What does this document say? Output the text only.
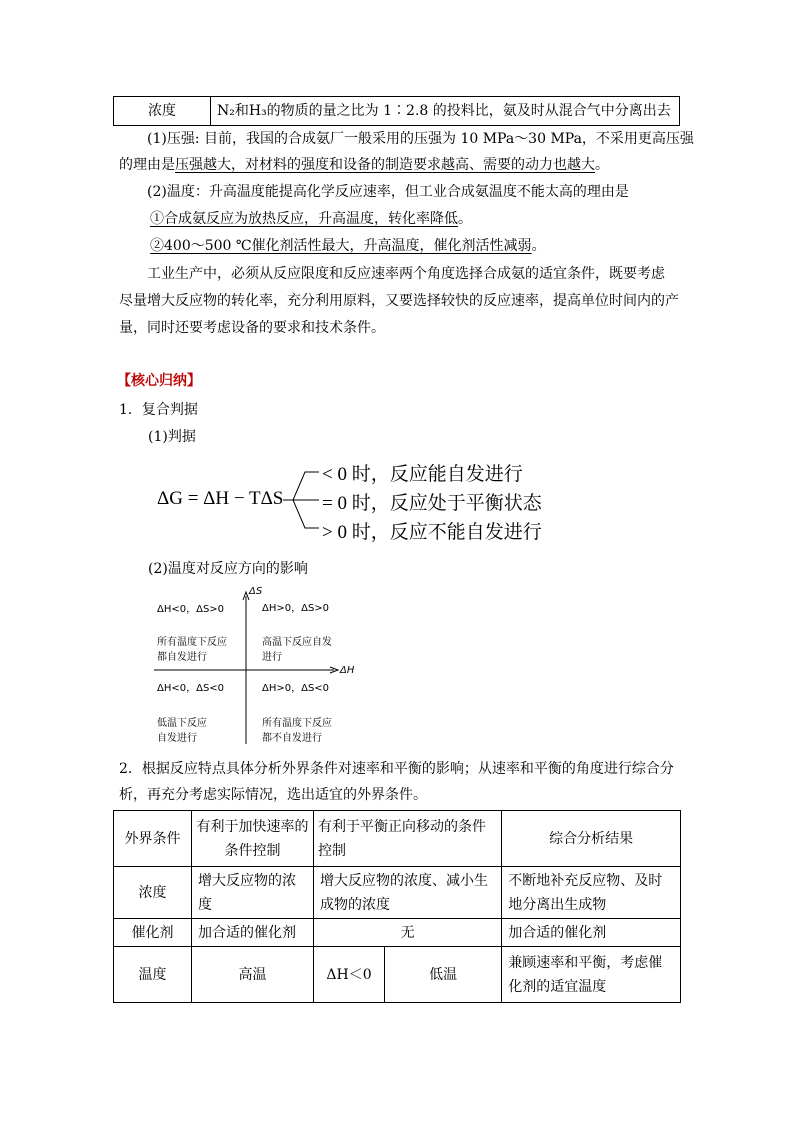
浓度	N₂和H₃的物质的量之比为 1∶2.8 的投料比，氨及时从混合气中分离出去
(1)压强: 目前，我国的合成氨厂一般采用的压强为 10 MPa～30 MPa，不采用更高压强
的理由是压强越大，对材料的强度和设备的制造要求越高、需要的动力也越大。
(2)温度：升高温度能提高化学反应速率，但工业合成氨温度不能太高的理由是
①合成氨反应为放热反应，升高温度，转化率降低。
②400～500 ℃催化剂活性最大，升高温度，催化剂活性减弱。
工业生产中，必须从反应限度和反应速率两个角度选择合成氨的适宜条件，既要考虑
尽量增大反应物的转化率，充分利用原料，又要选择较快的反应速率，提高单位时间内的产
量，同时还要考虑设备的要求和技术条件。
【核心归纳】
1．复合判据
(1)判据
ΔG = ΔH − TΔS
< 0 时，反应能自发进行
= 0 时，反应处于平衡状态
> 0 时，反应不能自发进行
(2)温度对反应方向的影响
ΔS
ΔH
ΔH<0，ΔS>0
所有温度下反应
都自发进行
ΔH>0，ΔS>0
高温下反应自发
进行
ΔH<0，ΔS<0
低温下反应
自发进行
ΔH>0，ΔS<0
所有温度下反应
都不自发进行
2．根据反应特点具体分析外界条件对速率和平衡的影响；从速率和平衡的角度进行综合分
析，再充分考虑实际情况，选出适宜的外界条件。
外界条件	有利于加快速率的条件控制	有利于平衡正向移动的条件控制		综合分析结果
浓度	增大反应物的浓度	增大反应物的浓度、减小生成物的浓度		不断地补充反应物、及时地分离出生成物
催化剂	加合适的催化剂	无		加合适的催化剂
温度	高温	ΔH＜0	低温	兼顾速率和平衡，考虑催化剂的适宜温度
